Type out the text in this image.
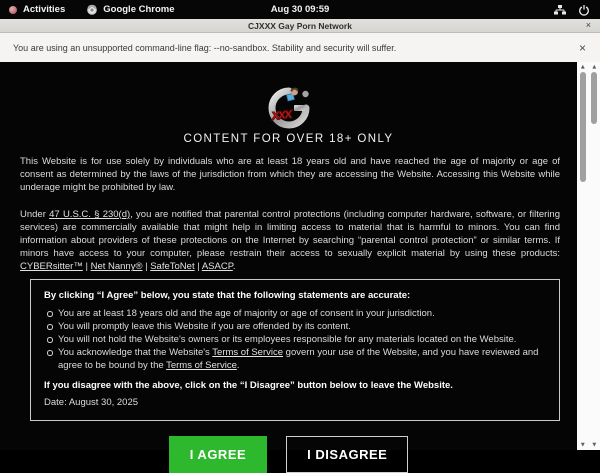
Activities	Google Chrome	Aug 30 09:59
CJXXX Gay Porn Network	×
You are using an unsupported command-line flag: --no-sandbox. Stability and security will suffer.	×
xxx
CONTENT FOR OVER 18+ ONLY

This Website is for use solely by individuals who are at least 18 years old and have reached the age of majority or age of consent as determined by the laws of the jurisdiction from which they are accessing the Website. Accessing this Website while underage might be prohibited by law.

Under 47 U.S.C. § 230(d), you are notified that parental control protections (including computer hardware, software, or filtering services) are commercially available that might help in limiting access to material that is harmful to minors. You can find information about providers of these protections on the Internet by searching “parental control protection” or similar terms. If minors have access to your computer, please restrain their access to sexually explicit material by using these products: CYBERsitter™ | Net Nanny® | SafeToNet | ASACP.

By clicking “I Agree” below, you state that the following statements are accurate:
You are at least 18 years old and the age of majority or age of consent in your jurisdiction.
You will promptly leave this Website if you are offended by its content.
You will not hold the Website's owners or its employees responsible for any materials located on the Website.
You acknowledge that the Website's Terms of Service govern your use of the Website, and you have reviewed and agree to be bound by the Terms of Service.
If you disagree with the above, click on the “I Disagree” button below to leave the Website.
Date: August 30, 2025
I AGREE	I DISAGREE
▲
▼
▲
▼
